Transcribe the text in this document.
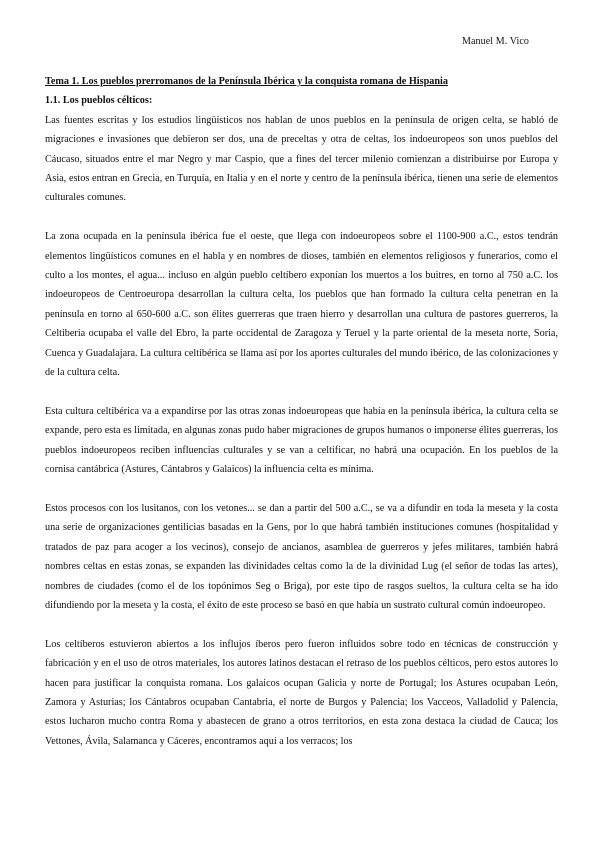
Manuel M. Vico

Tema 1. Los pueblos prerromanos de la Península Ibérica y la conquista romana de Hispania

1.1. Los pueblos célticos:

Las fuentes escritas y los estudios lingüísticos nos hablan de unos pueblos en la península de origen celta, se habló de migraciones e invasiones que debieron ser dos, una de preceltas y otra de celtas, los indoeuropeos son unos pueblos del Cáucaso, situados entre el mar Negro y mar Caspio, que a fines del tercer milenio comienzan a distribuirse por Europa y Asia, estos entran en Grecia, en Turquía, en Italia y en el norte y centro de la península ibérica, tienen una serie de elementos culturales comunes.

La zona ocupada en la península ibérica fue el oeste, que llega con indoeuropeos sobre el 1100-900 a.C., estos tendrán elementos lingüísticos comunes en el habla y en nombres de dioses, también en elementos religiosos y funerarios, como el culto a los montes, el agua... incluso en algún pueblo celtíbero exponían los muertos a los buitres, en torno al 750 a.C. los indoeuropeos de Centroeuropa desarrollan la cultura celta, los pueblos que han formado la cultura celta penetran en la península en torno al 650-600 a.C. son élites guerreras que traen hierro y desarrollan una cultura de pastores guerreros, la Celtiberia ocupaba el valle del Ebro, la parte occidental de Zaragoza y Teruel y la parte oriental de la meseta norte, Soria, Cuenca y Guadalajara. La cultura celtibérica se llama así por los aportes culturales del mundo ibérico, de las colonizaciones y de la cultura celta.

Esta cultura celtibérica va a expandirse por las otras zonas indoeuropeas que había en la península ibérica, la cultura celta se expande, pero esta es limitada, en algunas zonas pudo haber migraciones de grupos humanos o imponerse élites guerreras, los pueblos indoeuropeos reciben influencias culturales y se van a celtificar, no habrá una ocupación. En los pueblos de la cornisa cantábrica (Astures, Cántabros y Galaicos) la influencia celta es mínima.

Estos procesos con los lusitanos, con los vetones... se dan a partir del 500 a.C., se va a difundir en toda la meseta y la costa una serie de organizaciones gentilicias basadas en la Gens, por lo que habrá también instituciones comunes (hospitalidad y tratados de paz para acoger a los vecinos), consejo de ancianos, asamblea de guerreros y jefes militares, también habrá nombres celtas en estas zonas, se expanden las divinidades celtas como la de la divinidad Lug (el señor de todas las artes), nombres de ciudades (como el de los topónimos Seg o Briga), por este tipo de rasgos sueltos, la cultura celta se ha ido difundiendo por la meseta y la costa, el éxito de este proceso se basó en que había un sustrato cultural común indoeuropeo.

Los celtíberos estuvieron abiertos a los influjos íberos pero fueron influidos sobre todo en técnicas de construcción y fabricación y en el uso de otros materiales, los autores latinos destacan el retraso de los pueblos célticos, pero estos autores lo hacen para justificar la conquista romana. Los galaicos ocupan Galicia y norte de Portugal; los Astures ocupaban León, Zamora y Asturias; los Cántabros ocupaban Cantabria, el norte de Burgos y Palencia; los Vacceos, Valladolid y Palencia, estos lucharon mucho contra Roma y abastecen de grano a otros territorios, en esta zona destaca la ciudad de Cauca; los Vettones, Ávila, Salamanca y Cáceres, encontramos aquí a los verracos; los
